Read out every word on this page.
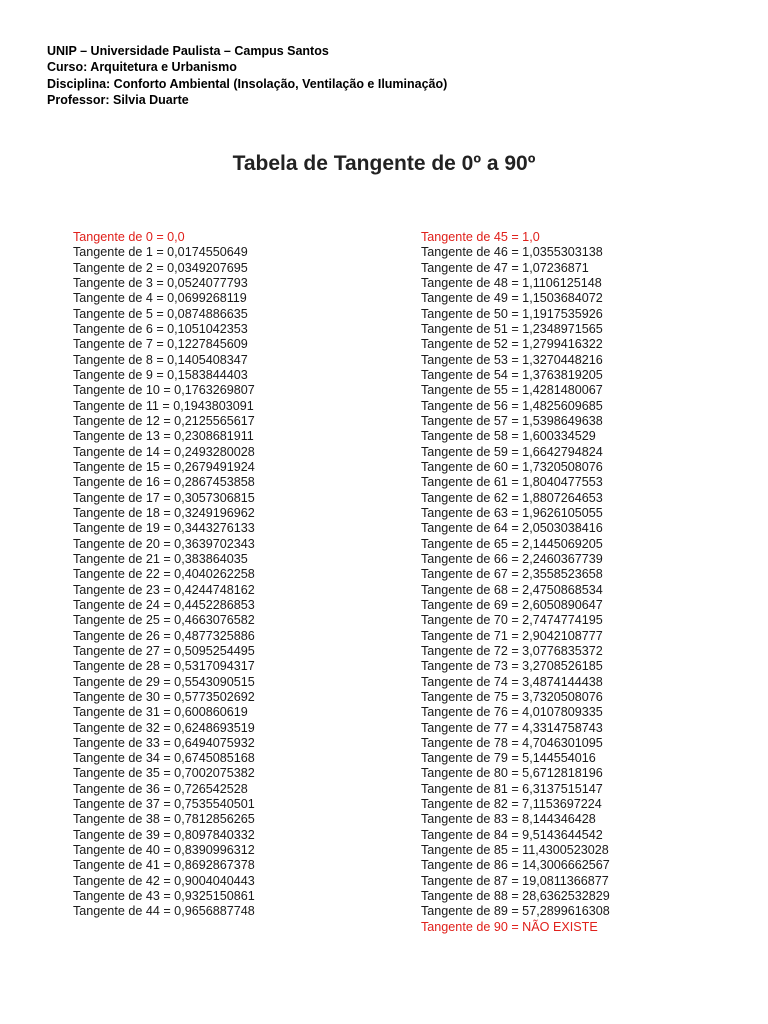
UNIP – Universidade Paulista – Campus Santos
Curso: Arquitetura e Urbanismo
Disciplina: Conforto Ambiental (Insolação, Ventilação e Iluminação)
Professor: Silvia Duarte
Tabela de Tangente de 0º a 90º
Tangente de 0 = 0,0
Tangente de 1 = 0,0174550649
Tangente de 2 = 0,0349207695
Tangente de 3 = 0,0524077793
Tangente de 4 = 0,0699268119
Tangente de 5 = 0,0874886635
Tangente de 6 = 0,1051042353
Tangente de 7 = 0,1227845609
Tangente de 8 = 0,1405408347
Tangente de 9 = 0,1583844403
Tangente de 10 = 0,1763269807
Tangente de 11 = 0,1943803091
Tangente de 12 = 0,2125565617
Tangente de 13 = 0,2308681911
Tangente de 14 = 0,2493280028
Tangente de 15 = 0,2679491924
Tangente de 16 = 0,2867453858
Tangente de 17 = 0,3057306815
Tangente de 18 = 0,3249196962
Tangente de 19 = 0,3443276133
Tangente de 20 = 0,3639702343
Tangente de 21 = 0,383864035
Tangente de 22 = 0,4040262258
Tangente de 23 = 0,4244748162
Tangente de 24 = 0,4452286853
Tangente de 25 = 0,4663076582
Tangente de 26 = 0,4877325886
Tangente de 27 = 0,5095254495
Tangente de 28 = 0,5317094317
Tangente de 29 = 0,5543090515
Tangente de 30 = 0,5773502692
Tangente de 31 = 0,600860619
Tangente de 32 = 0,6248693519
Tangente de 33 = 0,6494075932
Tangente de 34 = 0,6745085168
Tangente de 35 = 0,7002075382
Tangente de 36 = 0,726542528
Tangente de 37 = 0,7535540501
Tangente de 38 = 0,7812856265
Tangente de 39 = 0,8097840332
Tangente de 40 = 0,8390996312
Tangente de 41 = 0,8692867378
Tangente de 42 = 0,9004040443
Tangente de 43 = 0,9325150861
Tangente de 44 = 0,9656887748
Tangente de 45 = 1,0
Tangente de 46 = 1,0355303138
Tangente de 47 = 1,07236871
Tangente de 48 = 1,1106125148
Tangente de 49 = 1,1503684072
Tangente de 50 = 1,1917535926
Tangente de 51 = 1,2348971565
Tangente de 52 = 1,2799416322
Tangente de 53 = 1,3270448216
Tangente de 54 = 1,3763819205
Tangente de 55 = 1,4281480067
Tangente de 56 = 1,4825609685
Tangente de 57 = 1,5398649638
Tangente de 58 = 1,600334529
Tangente de 59 = 1,6642794824
Tangente de 60 = 1,7320508076
Tangente de 61 = 1,8040477553
Tangente de 62 = 1,8807264653
Tangente de 63 = 1,9626105055
Tangente de 64 = 2,0503038416
Tangente de 65 = 2,1445069205
Tangente de 66 = 2,2460367739
Tangente de 67 = 2,3558523658
Tangente de 68 = 2,4750868534
Tangente de 69 = 2,6050890647
Tangente de 70 = 2,7474774195
Tangente de 71 = 2,9042108777
Tangente de 72 = 3,0776835372
Tangente de 73 = 3,2708526185
Tangente de 74 = 3,4874144438
Tangente de 75 = 3,7320508076
Tangente de 76 = 4,0107809335
Tangente de 77 = 4,3314758743
Tangente de 78 = 4,7046301095
Tangente de 79 = 5,144554016
Tangente de 80 = 5,6712818196
Tangente de 81 = 6,3137515147
Tangente de 82 = 7,1153697224
Tangente de 83 = 8,144346428
Tangente de 84 = 9,5143644542
Tangente de 85 = 11,4300523028
Tangente de 86 = 14,3006662567
Tangente de 87 = 19,0811366877
Tangente de 88 = 28,6362532829
Tangente de 89 = 57,2899616308
Tangente de 90 = NÃO EXISTE
